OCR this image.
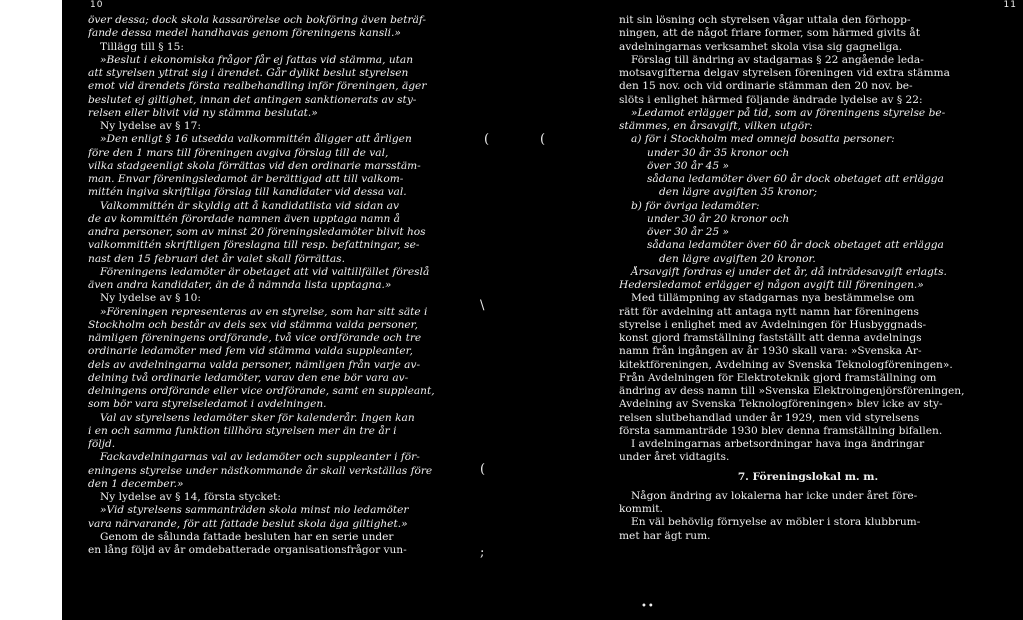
(	(
\
(
;
10
över dessa; dock skola kassarörelse och bokföring även beträf-
fande dessa medel handhavas genom föreningens kansli.»
Tillägg till § 15:
»Beslut i ekonomiska frågor får ej fattas vid stämma, utan
att styrelsen yttrat sig i ärendet. Går dylikt beslut styrelsen
emot vid ärendets första realbehandling inför föreningen, äger
beslutet ej giltighet, innan det antingen sanktionerats av sty-
relsen eller blivit vid ny stämma beslutat.»
Ny lydelse av § 17:
»Den enligt § 16 utsedda valkommittén åligger att årligen
före den 1 mars till föreningen avgiva förslag till de val,
vilka stadgeenligt skola förrättas vid den ordinarie marsstäm-
man. Envar föreningsledamot är berättigad att till valkom-
mittén ingiva skriftliga förslag till kandidater vid dessa val.
Valkommittén är skyldig att å kandidatlista vid sidan av
de av kommittén förordade namnen även upptaga namn å
andra personer, som av minst 20 föreningsledamöter blivit hos
valkommittén skriftligen föreslagna till resp. befattningar, se-
nast den 15 februari det år valet skall förrättas.
Föreningens ledamöter är obetaget att vid valtillfället föreslå
även andra kandidater, än de å nämnda lista upptagna.»
Ny lydelse av § 10:
»Föreningen representeras av en styrelse, som har sitt säte i
Stockholm och består av dels sex vid stämma valda personer,
nämligen föreningens ordförande, två vice ordförande och tre
ordinarie ledamöter med fem vid stämma valda suppleanter,
dels av avdelningarna valda personer, nämligen från varje av-
delning två ordinarie ledamöter, varav den ene bör vara av-
delningens ordförande eller vice ordförande, samt en suppleant,
som bör vara styrelseledamot i avdelningen.
Val av styrelsens ledamöter sker för kalenderår. Ingen kan
i en och samma funktion tillhöra styrelsen mer än tre år i
följd.
Fackavdelningarnas val av ledamöter och suppleanter i för-
eningens styrelse under nästkommande år skall verkställas före
den 1 december.»
Ny lydelse av § 14, första stycket:
»Vid styrelsens sammanträden skola minst nio ledamöter
vara närvarande, för att fattade beslut skola äga giltighet.»
Genom de sålunda fattade besluten har en serie under
en lång följd av år omdebatterade organisationsfrågor vun-
11
nit sin lösning och styrelsen vågar uttala den förhopp-
ningen, att de något friare former, som härmed givits åt
avdelningarnas verksamhet skola visa sig gagneliga.
Förslag till ändring av stadgarnas § 22 angående leda-
motsavgifterna delgav styrelsen föreningen vid extra stämma
den 15 nov. och vid ordinarie stämman den 20 nov. be-
slöts i enlighet härmed följande ändrade lydelse av § 22:
»Ledamot erlägger på tid, som av föreningens styrelse be-
stämmes, en årsavgift, vilken utgör:
a) för i Stockholm med omnejd bosatta personer:
under 30 år 35 kronor och
över 30 år 45 »
sådana ledamöter över 60 år dock obetaget att erlägga
den lägre avgiften 35 kronor;
b) för övriga ledamöter:
under 30 år 20 kronor och
över 30 år 25 »
sådana ledamöter över 60 år dock obetaget att erlägga
den lägre avgiften 20 kronor.
Årsavgift fordras ej under det år, då inträdesavgift erlagts.
Hedersledamot erlägger ej någon avgift till föreningen.»
Med tillämpning av stadgarnas nya bestämmelse om
rätt för avdelning att antaga nytt namn har föreningens
styrelse i enlighet med av Avdelningen för Husbyggnads-
konst gjord framställning fastställt att denna avdelnings
namn från ingången av år 1930 skall vara: »Svenska Ar-
kitektföreningen, Avdelning av Svenska Teknologföreningen».
Från Avdelningen för Elektroteknik gjord framställning om
ändring av dess namn till »Svenska Elektroingenjörsföreningen,
Avdelning av Svenska Teknologföreningen» blev icke av sty-
relsen slutbehandlad under år 1929, men vid styrelsens
första sammanträde 1930 blev denna framställning bifallen.
I avdelningarnas arbetsordningar hava inga ändringar
under året vidtagits.
7. Föreningslokal m. m.
Någon ändring av lokalerna har icke under året före-
kommit.
En väl behövlig förnyelse av möbler i stora klubbrum-
met har ägt rum.
••
